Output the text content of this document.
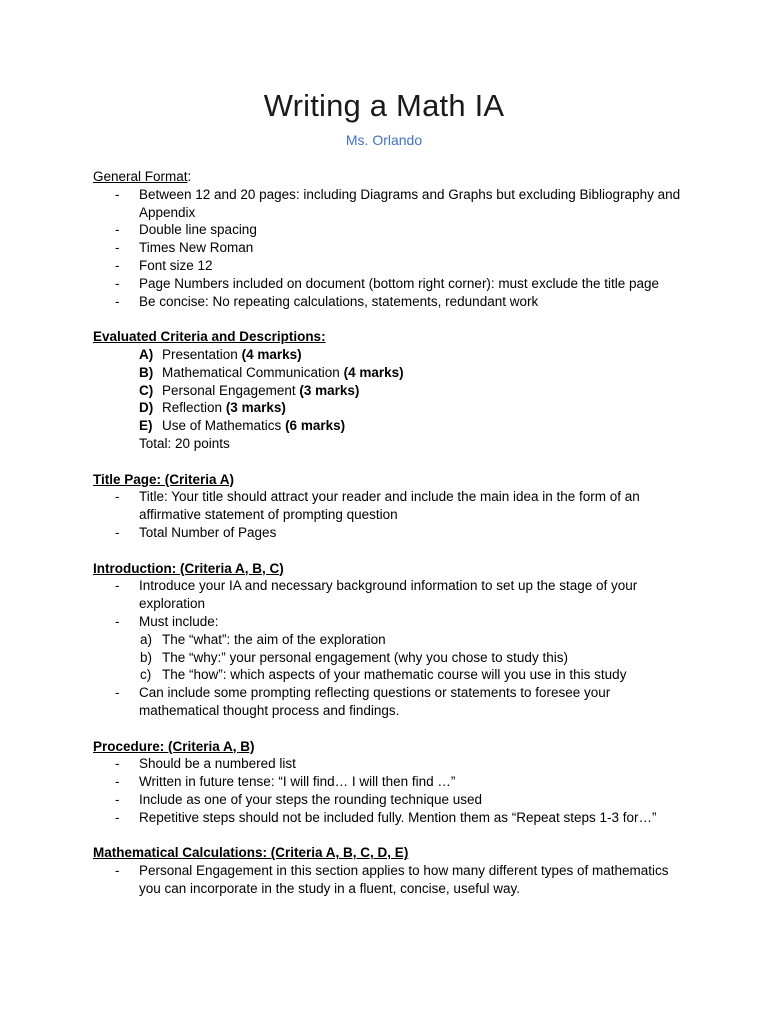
Writing a Math IA
Ms. Orlando
General Format:
- Between 12 and 20 pages: including Diagrams and Graphs but excluding Bibliography and Appendix
- Double line spacing
- Times New Roman
- Font size 12
- Page Numbers included on document (bottom right corner): must exclude the title page
- Be concise: No repeating calculations, statements, redundant work
Evaluated Criteria and Descriptions:
A) Presentation (4 marks)
B) Mathematical Communication (4 marks)
C) Personal Engagement (3 marks)
D) Reflection (3 marks)
E) Use of Mathematics (6 marks)
Total: 20 points
Title Page: (Criteria A)
- Title: Your title should attract your reader and include the main idea in the form of an affirmative statement of prompting question
- Total Number of Pages
Introduction: (Criteria A, B, C)
- Introduce your IA and necessary background information to set up the stage of your exploration
- Must include:
a) The “what”: the aim of the exploration
b) The “why:” your personal engagement (why you chose to study this)
c) The “how”: which aspects of your mathematic course will you use in this study
- Can include some prompting reflecting questions or statements to foresee your mathematical thought process and findings.
Procedure: (Criteria A, B)
- Should be a numbered list
- Written in future tense: “I will find… I will then find …”
- Include as one of your steps the rounding technique used
- Repetitive steps should not be included fully. Mention them as “Repeat steps 1-3 for…”
Mathematical Calculations: (Criteria A, B, C, D, E)
- Personal Engagement in this section applies to how many different types of mathematics you can incorporate in the study in a fluent, concise, useful way.
